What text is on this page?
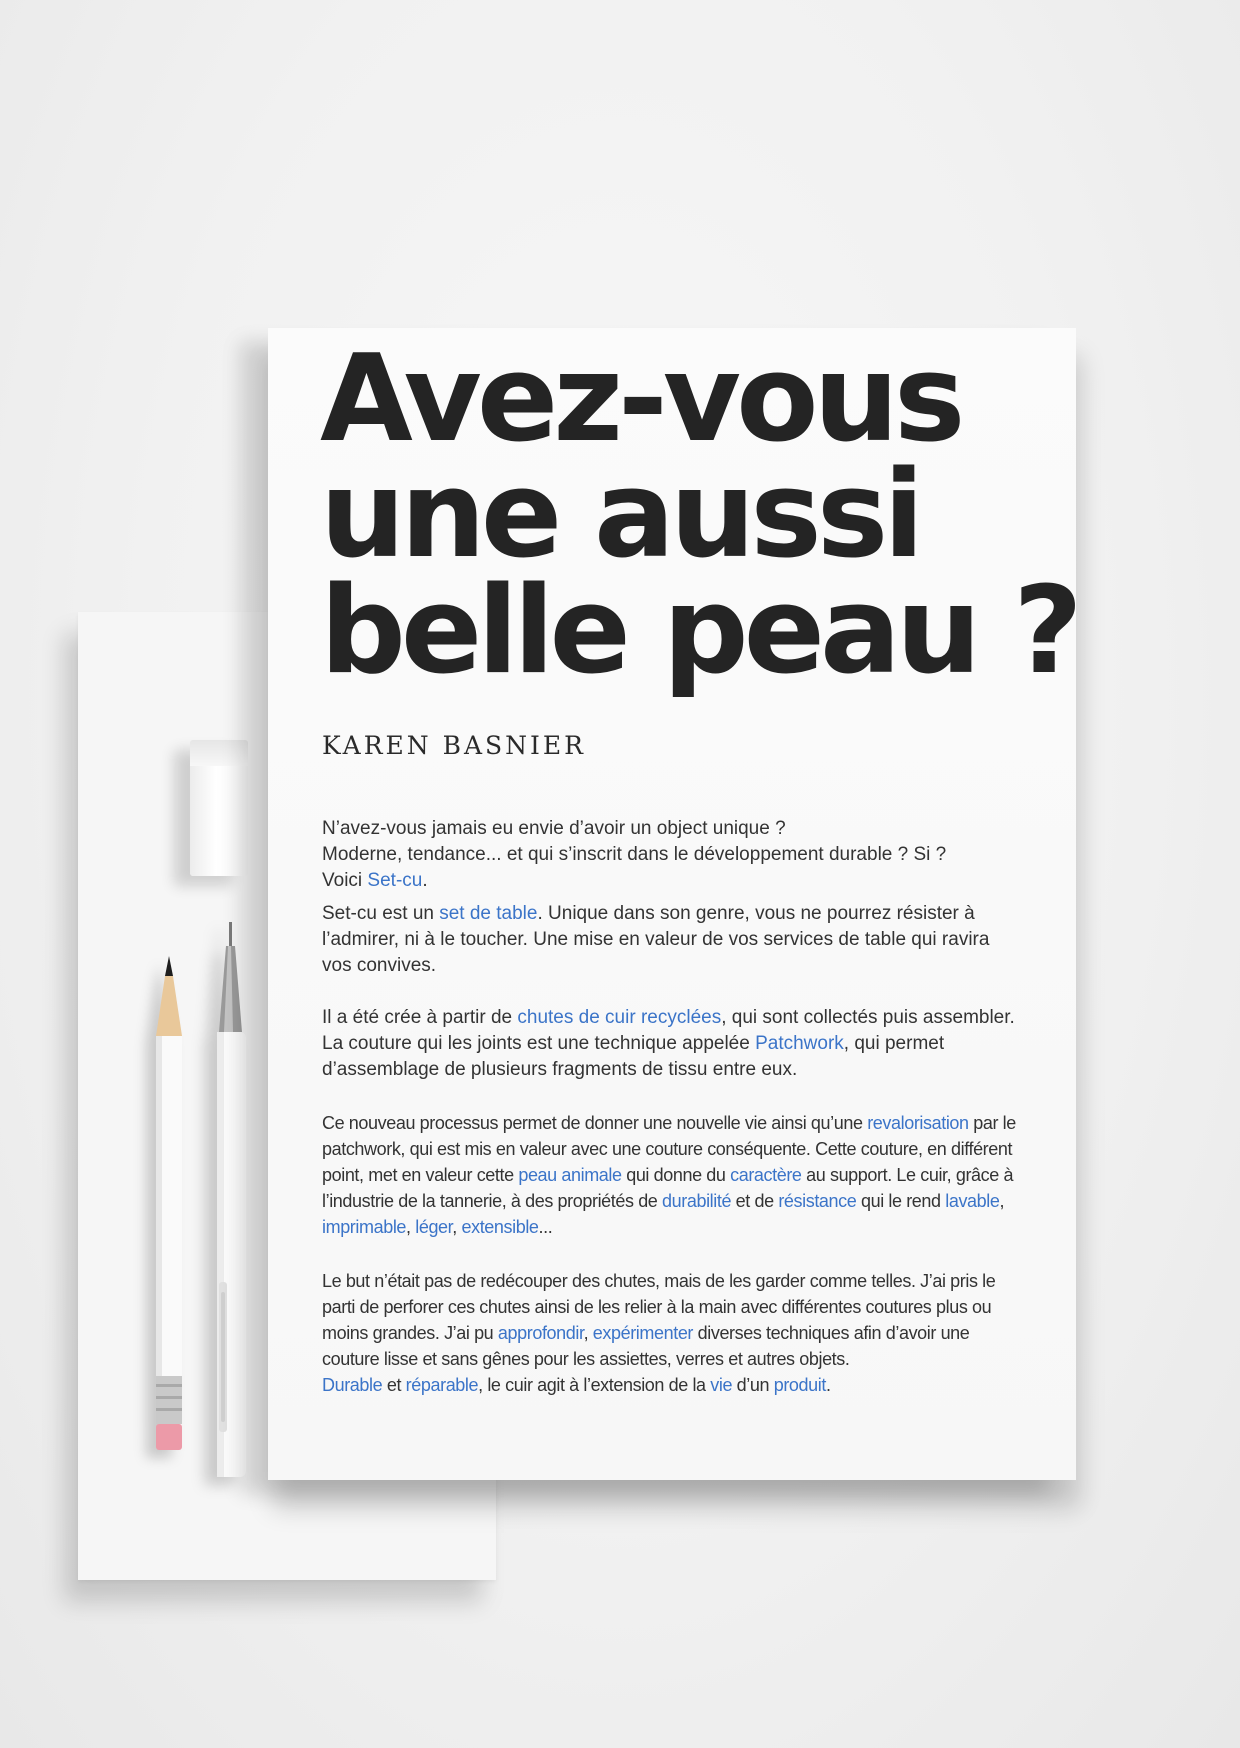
Avez-vous
une aussi
belle peau ?

KAREN BASNIER

N’avez-vous jamais eu envie d’avoir un object unique ?
Moderne, tendance... et qui s’inscrit dans le développement durable ? Si ?
Voici Set-cu.

Set-cu est un set de table. Unique dans son genre, vous ne pourrez résister à l’admirer, ni à le toucher. Une mise en valeur de vos services de table qui ravira vos convives.

Il a été crée à partir de chutes de cuir recyclées, qui sont collectés puis assembler. La couture qui les joints est une technique appelée Patchwork, qui permet d’assemblage de plusieurs fragments de tissu entre eux.

Ce nouveau processus permet de donner une nouvelle vie ainsi qu’une revalorisation par le patchwork, qui est mis en valeur avec une couture conséquente. Cette couture, en différent point, met en valeur cette peau animale qui donne du caractère au support. Le cuir, grâce à l’industrie de la tannerie, à des propriétés de durabilité et de résistance qui le rend lavable, imprimable, léger, extensible...

Le but n’était pas de redécouper des chutes, mais de les garder comme telles. J’ai pris le parti de perforer ces chutes ainsi de les relier à la main avec différentes coutures plus ou moins grandes. J’ai pu approfondir, expérimenter diverses techniques afin d’avoir une couture lisse et sans gênes pour les assiettes, verres et autres objets.

Durable et réparable, le cuir agit à l’extension de la vie d’un produit.
